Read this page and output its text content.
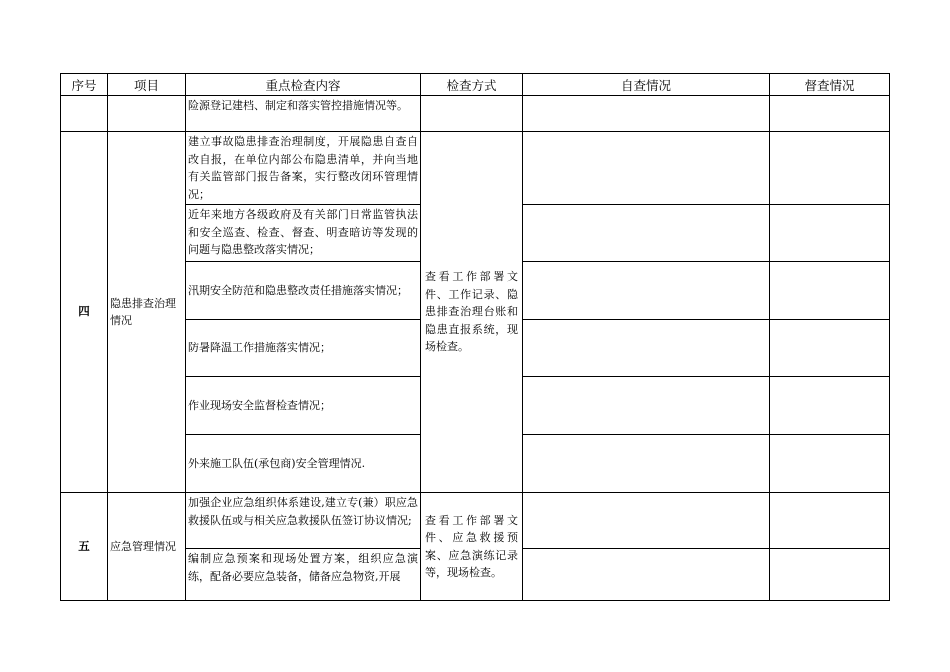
序号	项目	重点检查内容	检查方式	自查情况	督查情况
		险源登记建档、制定和落实管控措施情况等。			
四	隐患排查治理情况	建立事故隐患排查治理制度，开展隐患自查自改自报，在单位内部公布隐患清单，并向当地有关监管部门报告备案，实行整改闭环管理情况；	查看工作部署文件、工作记录、隐患排查治理台账和隐患直报系统，现场检查。		
		近年来地方各级政府及有关部门日常监管执法和安全巡查、检查、督查、明查暗访等发现的问题与隐患整改落实情况；			
		汛期安全防范和隐患整改责任措施落实情况；			
		防暑降温工作措施落实情况；			
		作业现场安全监督检查情况；			
		外来施工队伍(承包商)安全管理情况.			
五	应急管理情况	加强企业应急组织体系建设,建立专(兼）职应急救援队伍或与相关应急救援队伍签订协议情况;	查看工作部署文件、应急救援预案、应急演练记录等，现场检查。		
		编制应急预案和现场处置方案，组织应急演练，配备必要应急装备，储备应急物资,开展			
